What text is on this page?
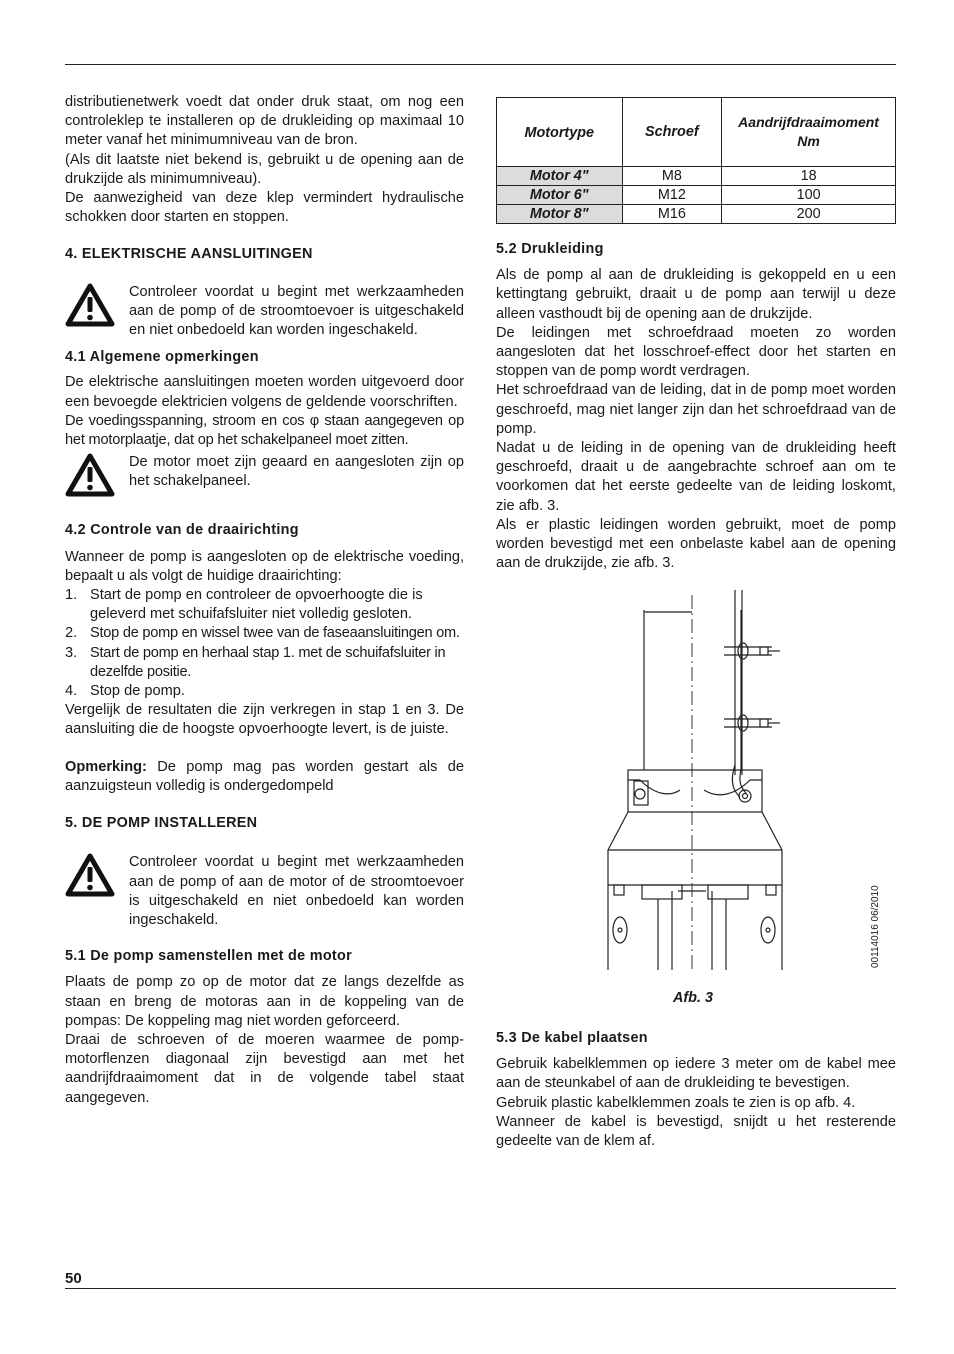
50

distributienetwerk voedt dat onder druk staat, om nog een controleklep te installeren op de drukleiding op maximaal 10 meter vanaf het minimumniveau van de bron.

(Als dit laatste niet bekend is, gebruikt u de opening aan de drukzijde als minimumniveau).

De aanwezigheid van deze klep vermindert hydraulische schokken door starten en stoppen.

4. ELEKTRISCHE AANSLUITINGEN

Controleer voordat u begint met werkzaamheden aan de pomp of de stroomtoevoer is uitgeschakeld en niet onbedoeld kan worden ingeschakeld.

4.1 Algemene opmerkingen

De elektrische aansluitingen moeten worden uitgevoerd door een bevoegde elektricien volgens de geldende voorschriften.

De voedingsspanning, stroom en cos φ staan aangegeven op het motorplaatje, dat op het schakelpaneel moet zitten.

De motor moet zijn geaard en aangesloten zijn op het schakelpaneel.

4.2 Controle van de draairichting

Wanneer de pomp is aangesloten op de elektrische voeding, bepaalt u als volgt de huidige draairichting:

1. Start de pomp en controleer de opvoerhoogte die is geleverd met schuifafsluiter niet volledig gesloten.
2. Stop de pomp en wissel twee van de faseaansluitingen om.
3. Start de pomp en herhaal stap 1. met de schuifafsluiter in dezelfde positie.
4. Stop de pomp.

Vergelijk de resultaten die zijn verkregen in stap 1 en 3. De aansluiting die de hoogste opvoerhoogte levert, is de juiste.

Opmerking: De pomp mag pas worden gestart als de aanzuigsteun volledig is ondergedompeld

5. DE POMP INSTALLEREN

Controleer voordat u begint met werkzaamheden aan de pomp of aan de motor of de stroomtoevoer is uitgeschakeld en niet onbedoeld kan worden ingeschakeld.

5.1 De pomp samenstellen met de motor

Plaats de pomp zo op de motor dat ze langs dezelfde as staan en breng de motoras aan in de koppeling van de pompas: De koppeling mag niet worden geforceerd.

Draai de schroeven of de moeren waarmee de pomp-motorflenzen diagonaal zijn bevestigd aan met het aandrijfdraaimoment dat in de volgende tabel staat aangegeven.

Motortype	Schroef	Aandrijfdraaimoment Nm
Motor 4"	M8	18
Motor 6"	M12	100
Motor 8"	M16	200
5.2 Drukleiding

Als de pomp al aan de drukleiding is gekoppeld en u een kettingtang gebruikt, draait u de pomp aan terwijl u deze alleen vasthoudt bij de opening aan de drukzijde.

De leidingen met schroefdraad moeten zo worden aangesloten dat het losschroef-effect door het starten en stoppen van de pomp wordt verdragen.

Het schroefdraad van de leiding, dat in de pomp moet worden geschroefd, mag niet langer zijn dan het schroefdraad van de pomp.

Nadat u de leiding in de opening van de drukleiding heeft geschroefd, draait u de aangebrachte schroef aan om te voorkomen dat het eerste gedeelte van de leiding loskomt, zie afb. 3.

Als er plastic leidingen worden gebruikt, moet de pomp worden bevestigd met een onbelaste kabel aan de opening aan de drukzijde, zie afb. 3.

00114016 06/2010
Afb. 3
5.3 De kabel plaatsen

Gebruik kabelklemmen op iedere 3 meter om de kabel mee aan de steunkabel of aan de drukleiding te bevestigen.

Gebruik plastic kabelklemmen zoals te zien is op afb. 4.

Wanneer de kabel is bevestigd, snijdt u het resterende gedeelte van de klem af.
